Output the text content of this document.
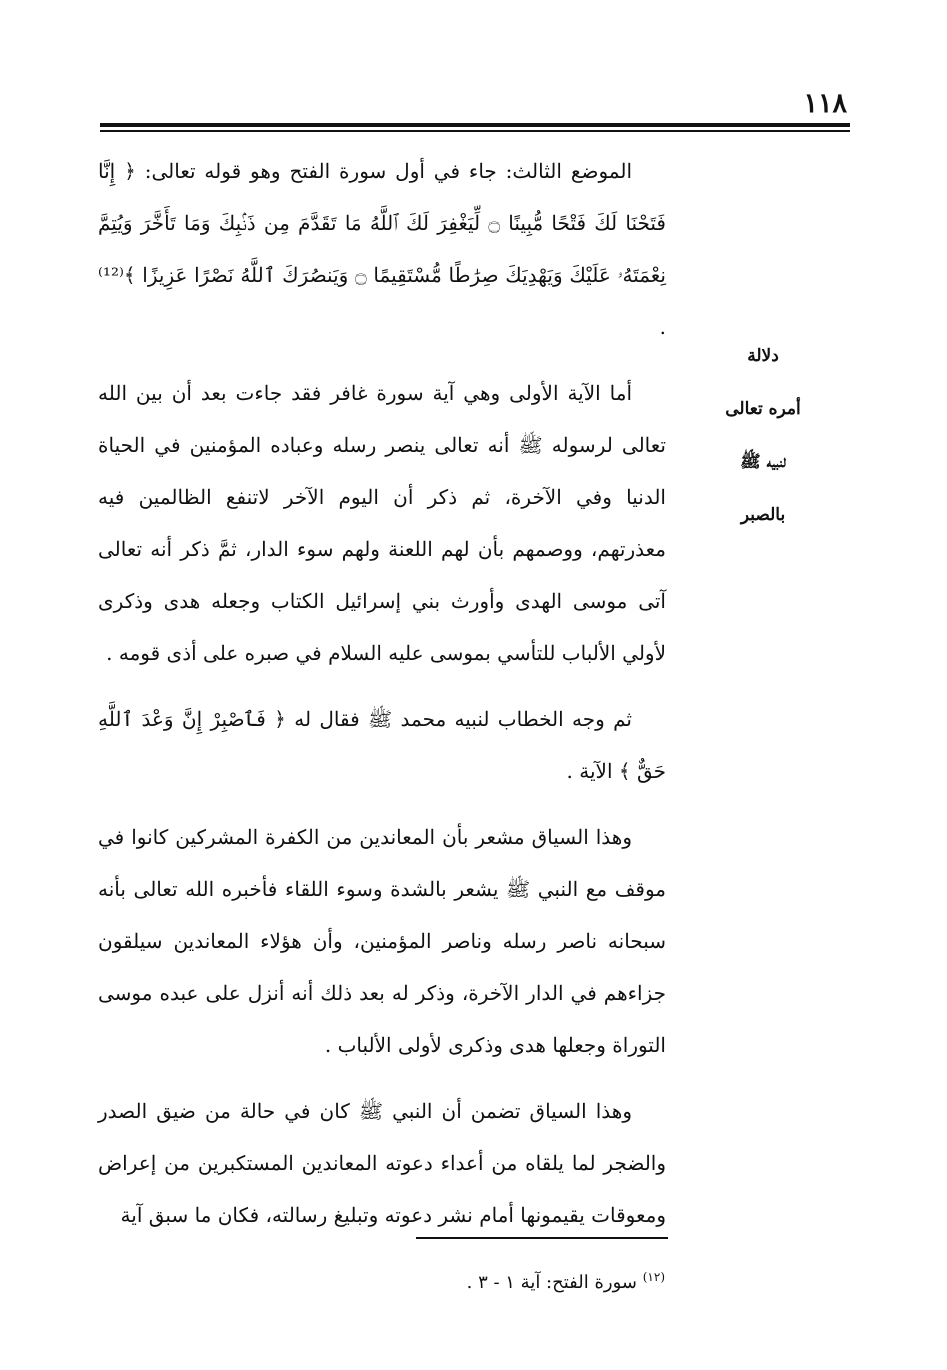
١١٨
دلالة
أمره تعالى
لنبيه ﷺ
بالصبر

الموضع الثالث: جاء في أول سورة الفتح وهو قوله تعالى: ﴿ إِنَّا فَتَحْنَا لَكَ فَتْحًا مُّبِينًا ۝ لِّيَغْفِرَ لَكَ ٱللَّهُ مَا تَقَدَّمَ مِن ذَنۢبِكَ وَمَا تَأَخَّرَ وَيُتِمَّ نِعْمَتَهُۥ عَلَيْكَ وَيَهْدِيَكَ صِرَٰطًا مُّسْتَقِيمًا ۝ وَيَنصُرَكَ ٱللَّهُ نَصْرًا عَزِيزًا ﴾⁽¹²⁾ .

أما الآية الأولى وهي آية سورة غافر فقد جاءت بعد أن بين الله تعالى لرسوله ﷺ أنه تعالى ينصر رسله وعباده المؤمنين في الحياة الدنيا وفي الآخرة، ثم ذكر أن اليوم الآخر لاتنفع الظالمين فيه معذرتهم، ووصمهم بأن لهم اللعنة ولهم سوء الدار، ثمَّ ذكر أنه تعالى آتى موسى الهدى وأورث بني إسرائيل الكتاب وجعله هدى وذكرى لأولي الألباب للتأسي بموسى عليه السلام في صبره على أذى قومه .

ثم وجه الخطاب لنبيه محمد ﷺ فقال له ﴿ فَٱصْبِرْ إِنَّ وَعْدَ ٱللَّهِ حَقٌّ ﴾ الآية .

وهذا السياق مشعر بأن المعاندين من الكفرة المشركين كانوا في موقف مع النبي ﷺ يشعر بالشدة وسوء اللقاء فأخبره الله تعالى بأنه سبحانه ناصر رسله وناصر المؤمنين، وأن هؤلاء المعاندين سيلقون جزاءهم في الدار الآخرة، وذكر له بعد ذلك أنه أنزل على عبده موسى التوراة وجعلها هدى وذكرى لأولى الألباب .

وهذا السياق تضمن أن النبي ﷺ كان في حالة من ضيق الصدر والضجر لما يلقاه من أعداء دعوته المعاندين المستكبرين من إعراض ومعوقات يقيمونها أمام نشر دعوته وتبليغ رسالته، فكان ما سبق آية

$^{(١٢)}$ سورة الفتح: آية ١ - ٣ .
